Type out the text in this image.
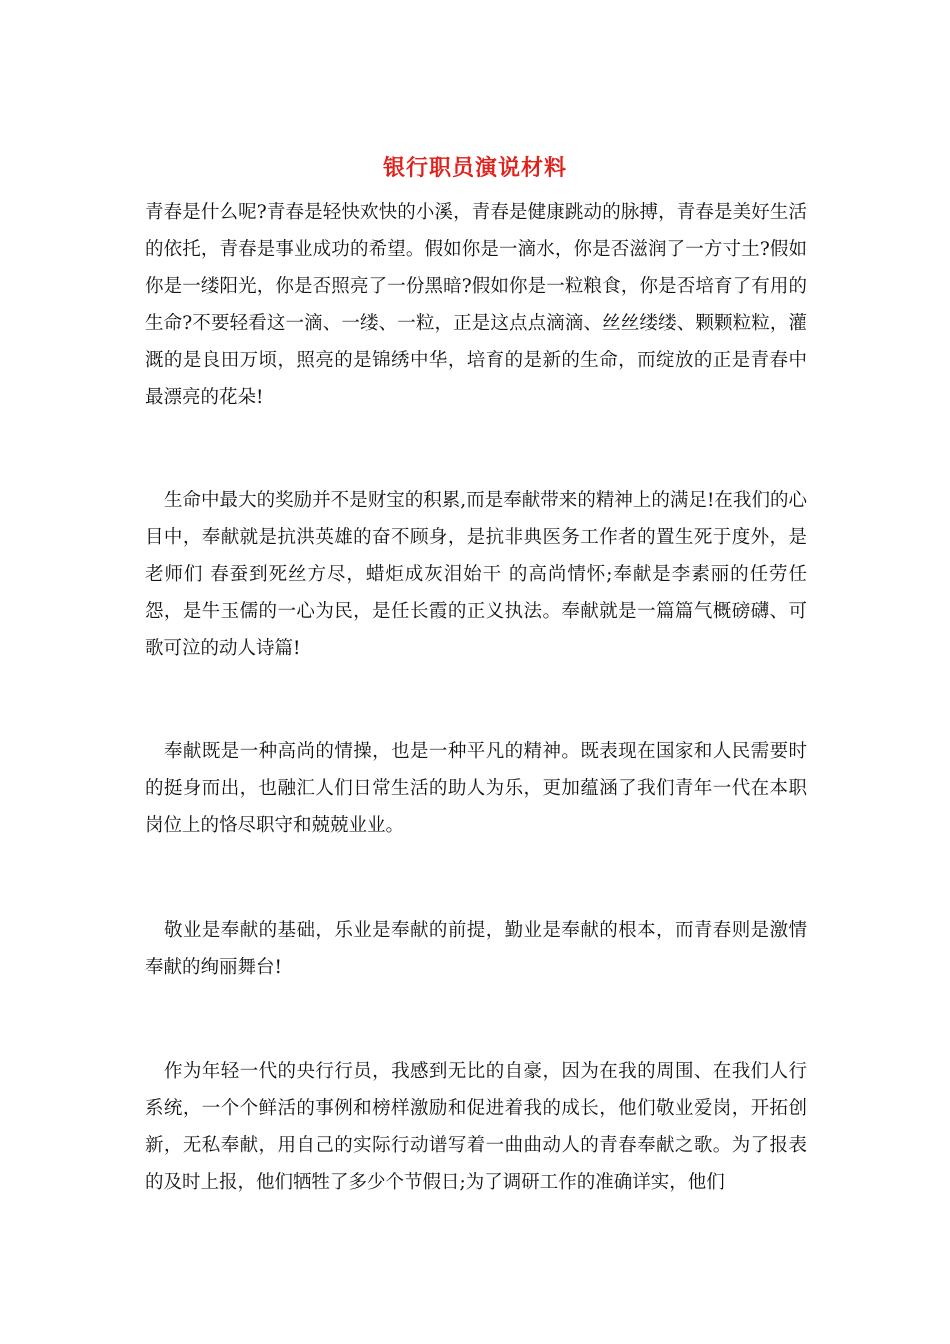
银行职员演说材料

青春是什么呢?青春是轻快欢快的小溪，青春是健康跳动的脉搏，青春是美好生活的依托，青春是事业成功的希望。假如你是一滴水，你是否滋润了一方寸土?假如你是一缕阳光，你是否照亮了一份黑暗?假如你是一粒粮食，你是否培育了有用的生命?不要轻看这一滴、一缕、一粒，正是这点点滴滴、丝丝缕缕、颗颗粒粒，灌溉的是良田万顷，照亮的是锦绣中华，培育的是新的生命，而绽放的正是青春中最漂亮的花朵!

生命中最大的奖励并不是财宝的积累,而是奉献带来的精神上的满足!在我们的心目中，奉献就是抗洪英雄的奋不顾身，是抗非典医务工作者的置生死于度外，是老师们 春蚕到死丝方尽，蜡炬成灰泪始干 的高尚情怀;奉献是李素丽的任劳任怨，是牛玉儒的一心为民，是任长霞的正义执法。奉献就是一篇篇气概磅礴、可歌可泣的动人诗篇!

奉献既是一种高尚的情操，也是一种平凡的精神。既表现在国家和人民需要时的挺身而出，也融汇人们日常生活的助人为乐，更加蕴涵了我们青年一代在本职岗位上的恪尽职守和兢兢业业。

敬业是奉献的基础，乐业是奉献的前提，勤业是奉献的根本，而青春则是激情奉献的绚丽舞台!

作为年轻一代的央行行员，我感到无比的自豪，因为在我的周围、在我们人行系统，一个个鲜活的事例和榜样激励和促进着我的成长，他们敬业爱岗，开拓创新，无私奉献，用自己的实际行动谱写着一曲曲动人的青春奉献之歌。为了报表的及时上报，他们牺牲了多少个节假日;为了调研工作的准确详实，他们
